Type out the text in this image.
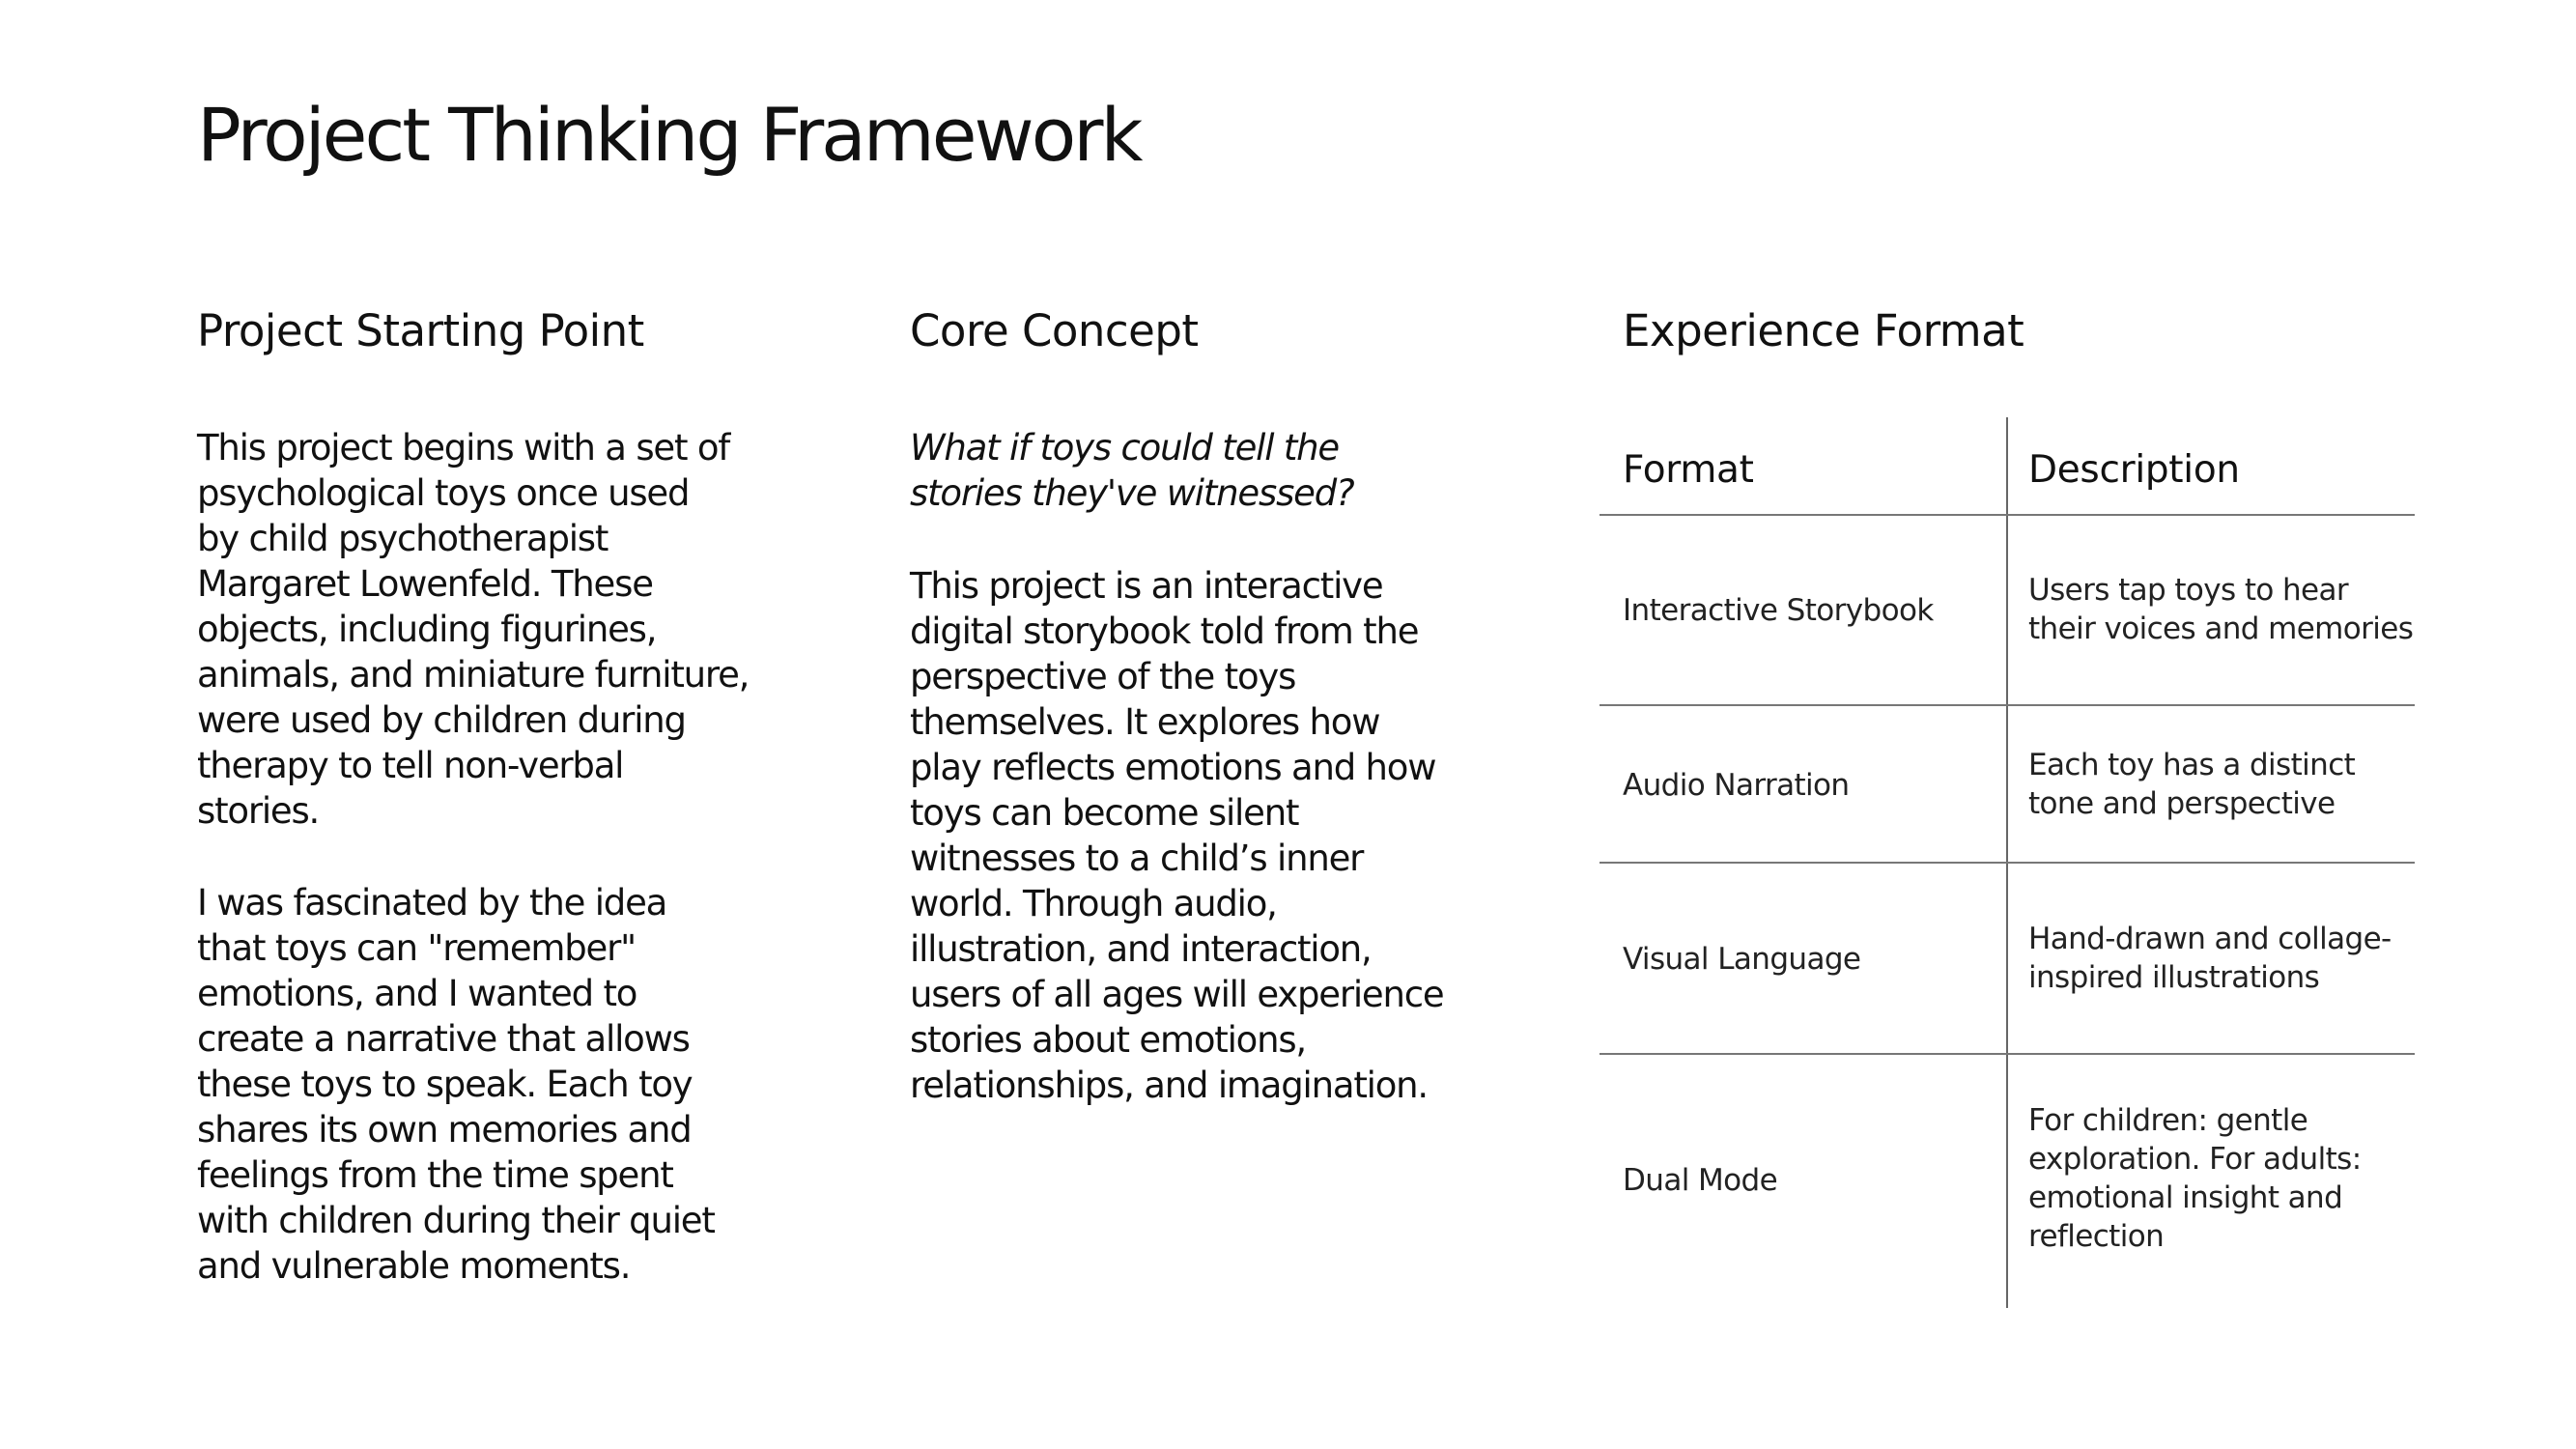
Project Thinking Framework
Project Starting Point

This project begins with a set of
psychological toys once used
by child psychotherapist
Margaret Lowenfeld. These
objects, including figurines,
animals, and miniature furniture,
were used by children during
therapy to tell non-verbal
stories.

I was fascinated by the idea
that toys can "remember"
emotions, and I wanted to
create a narrative that allows
these toys to speak. Each toy
shares its own memories and
feelings from the time spent
with children during their quiet
and vulnerable moments.

Core Concept

What if toys could tell the
stories they've witnessed?

This project is an interactive
digital storybook told from the
perspective of the toys
themselves. It explores how
play reflects emotions and how
toys can become silent
witnesses to a child’s inner
world. Through audio,
illustration, and interaction,
users of all ages will experience
stories about emotions,
relationships, and imagination.

Experience Format
Format	Description
Interactive Storybook
Users tap toys to hear
their voices and memories
Audio Narration
Each toy has a distinct
tone and perspective
Visual Language
Hand-drawn and collage-
inspired illustrations
Dual Mode
For children: gentle
exploration. For adults:
emotional insight and
reflection
